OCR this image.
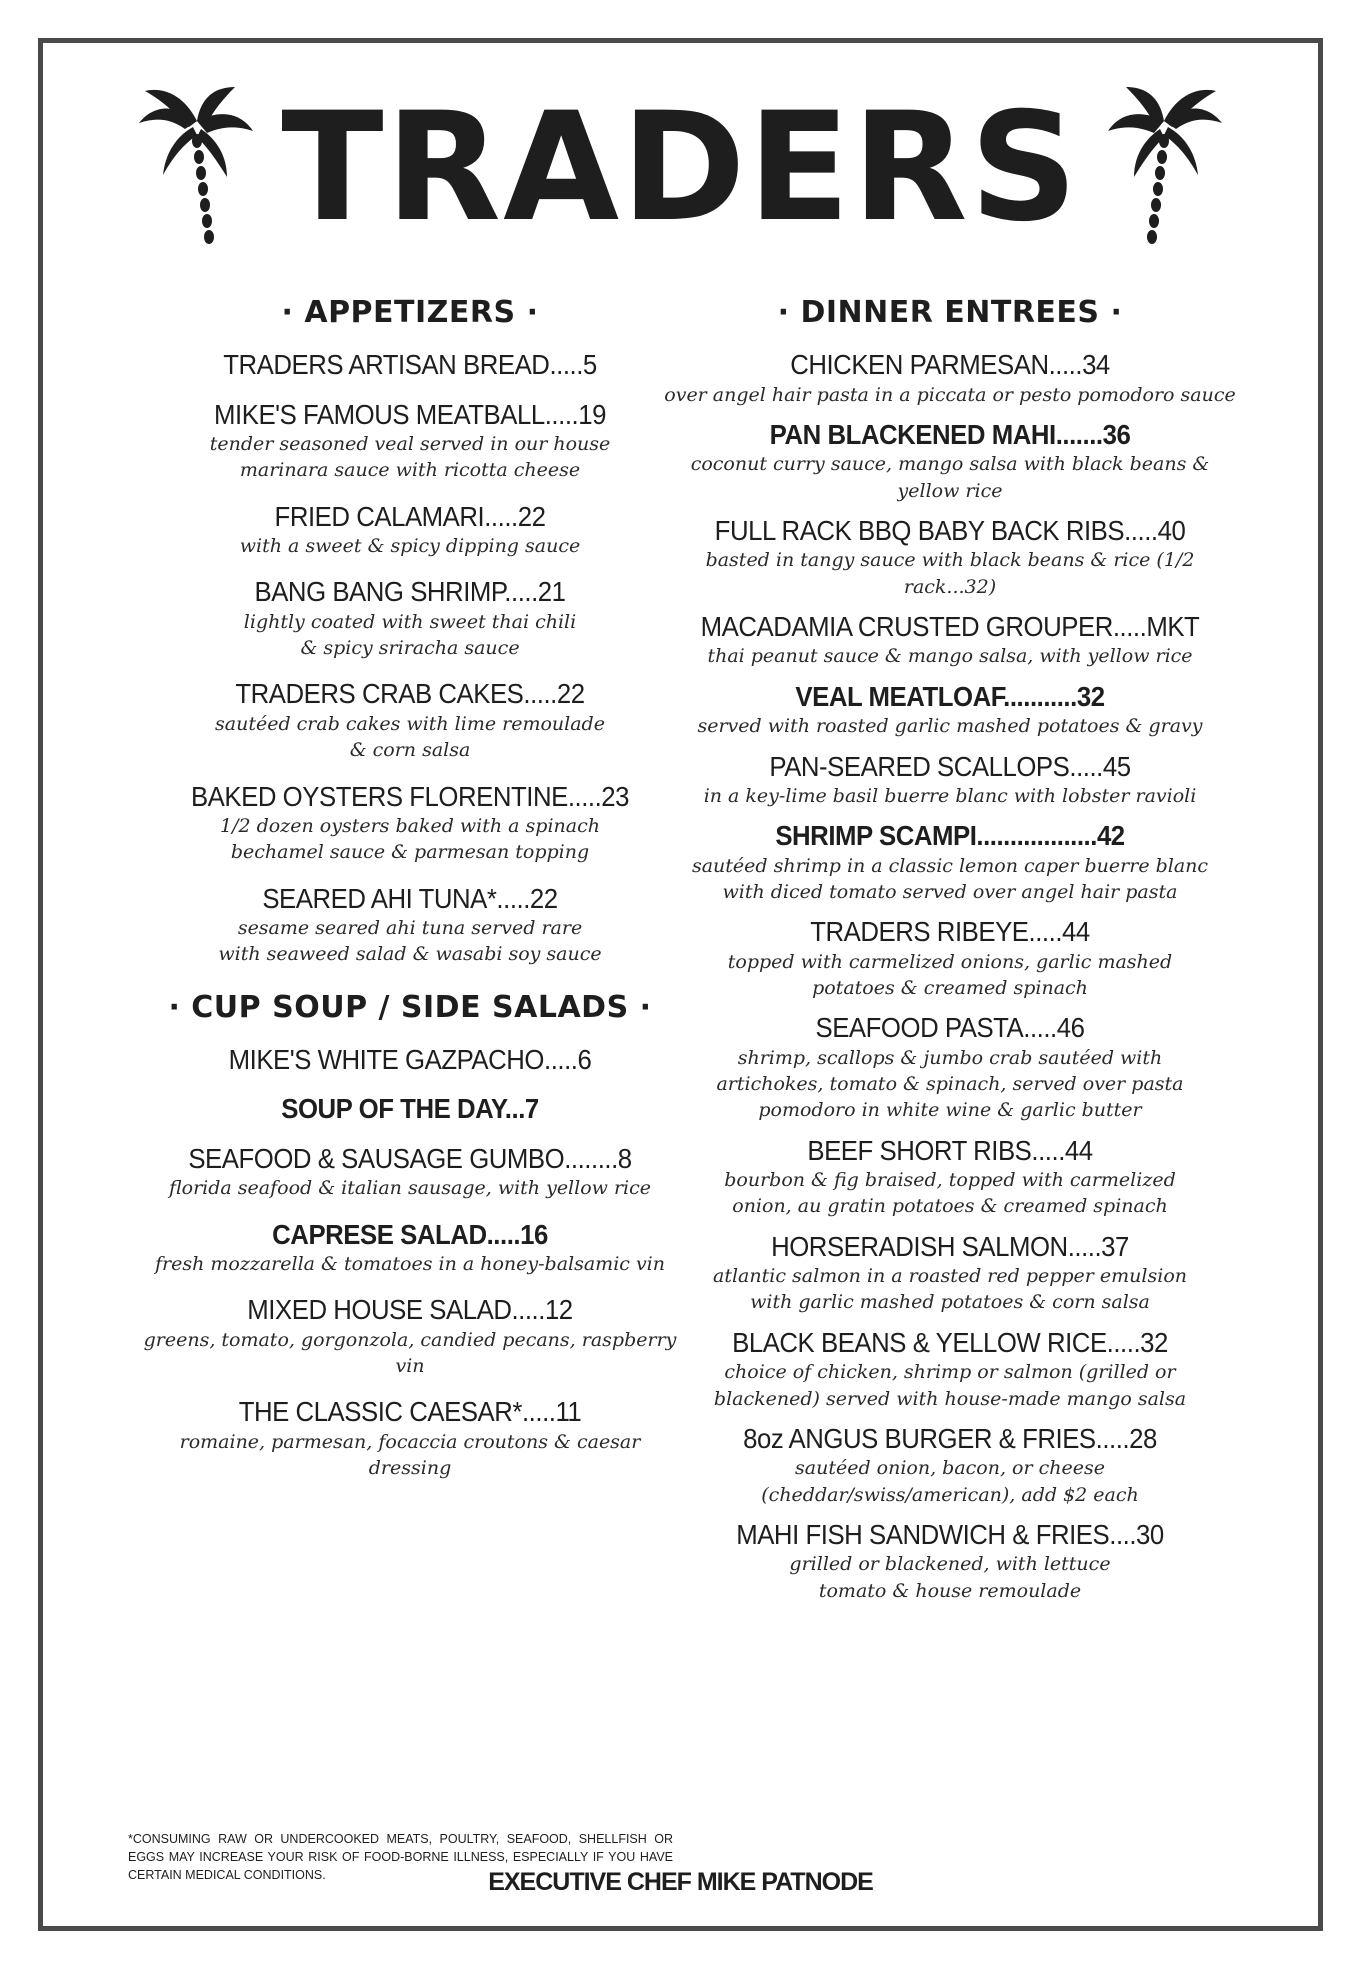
TRADERS
· APPETIZERS ·
TRADERS ARTISAN BREAD.....5
MIKE'S FAMOUS MEATBALL.....19
tender seasoned veal served in our house
marinara sauce with ricotta cheese
FRIED CALAMARI.....22
with a sweet & spicy dipping sauce
BANG BANG SHRIMP.....21
lightly coated with sweet thai chili
& spicy sriracha sauce
TRADERS CRAB CAKES.....22
sautéed crab cakes with lime remoulade
& corn salsa
BAKED OYSTERS FLORENTINE.....23
1/2 dozen oysters baked with a spinach
bechamel sauce & parmesan topping
SEARED AHI TUNA*.....22
sesame seared ahi tuna served rare
with seaweed salad & wasabi soy sauce
· CUP SOUP / SIDE SALADS ·
MIKE'S WHITE GAZPACHO.....6
SOUP OF THE DAY...7
SEAFOOD & SAUSAGE GUMBO........8
florida seafood & italian sausage, with yellow rice
CAPRESE SALAD.....16
fresh mozzarella & tomatoes in a honey-balsamic vin
MIXED HOUSE SALAD.....12
greens, tomato, gorgonzola, candied pecans, raspberry vin
THE CLASSIC CAESAR*.....11
romaine, parmesan, focaccia croutons & caesar dressing
· DINNER ENTREES ·
CHICKEN PARMESAN.....34
over angel hair pasta in a piccata or pesto pomodoro sauce
PAN BLACKENED MAHI.......36
coconut curry sauce, mango salsa with black beans & yellow rice
FULL RACK BBQ BABY BACK RIBS.....40
basted in tangy sauce with black beans & rice (1/2 rack...32)
MACADAMIA CRUSTED GROUPER.....MKT
thai peanut sauce & mango salsa, with yellow rice
VEAL MEATLOAF...........32
served with roasted garlic mashed potatoes & gravy
PAN-SEARED SCALLOPS.....45
in a key-lime basil buerre blanc with lobster ravioli
SHRIMP SCAMPI..................42
sautéed shrimp in a classic lemon caper buerre blanc
with diced tomato served over angel hair pasta
TRADERS RIBEYE.....44
topped with carmelized onions, garlic mashed
potatoes & creamed spinach
SEAFOOD PASTA.....46
shrimp, scallops & jumbo crab sautéed with
artichokes, tomato & spinach, served over pasta
pomodoro in white wine & garlic butter
BEEF SHORT RIBS.....44
bourbon & fig braised, topped with carmelized
onion, au gratin potatoes & creamed spinach
HORSERADISH SALMON.....37
atlantic salmon in a roasted red pepper emulsion
with garlic mashed potatoes & corn salsa
BLACK BEANS & YELLOW RICE.....32
choice of chicken, shrimp or salmon (grilled or
blackened) served with house-made mango salsa
8oz ANGUS BURGER & FRIES.....28
sautéed onion, bacon, or cheese
(cheddar/swiss/american), add $2 each
MAHI FISH SANDWICH & FRIES....30
grilled or blackened, with lettuce
tomato & house remoulade
*CONSUMING RAW OR UNDERCOOKED MEATS, POULTRY, SEAFOOD, SHELLFISH OR EGGS MAY INCREASE YOUR RISK OF FOOD-BORNE ILLNESS, ESPECIALLY IF YOU HAVE CERTAIN MEDICAL CONDITIONS.	EXECUTIVE CHEF MIKE PATNODE
